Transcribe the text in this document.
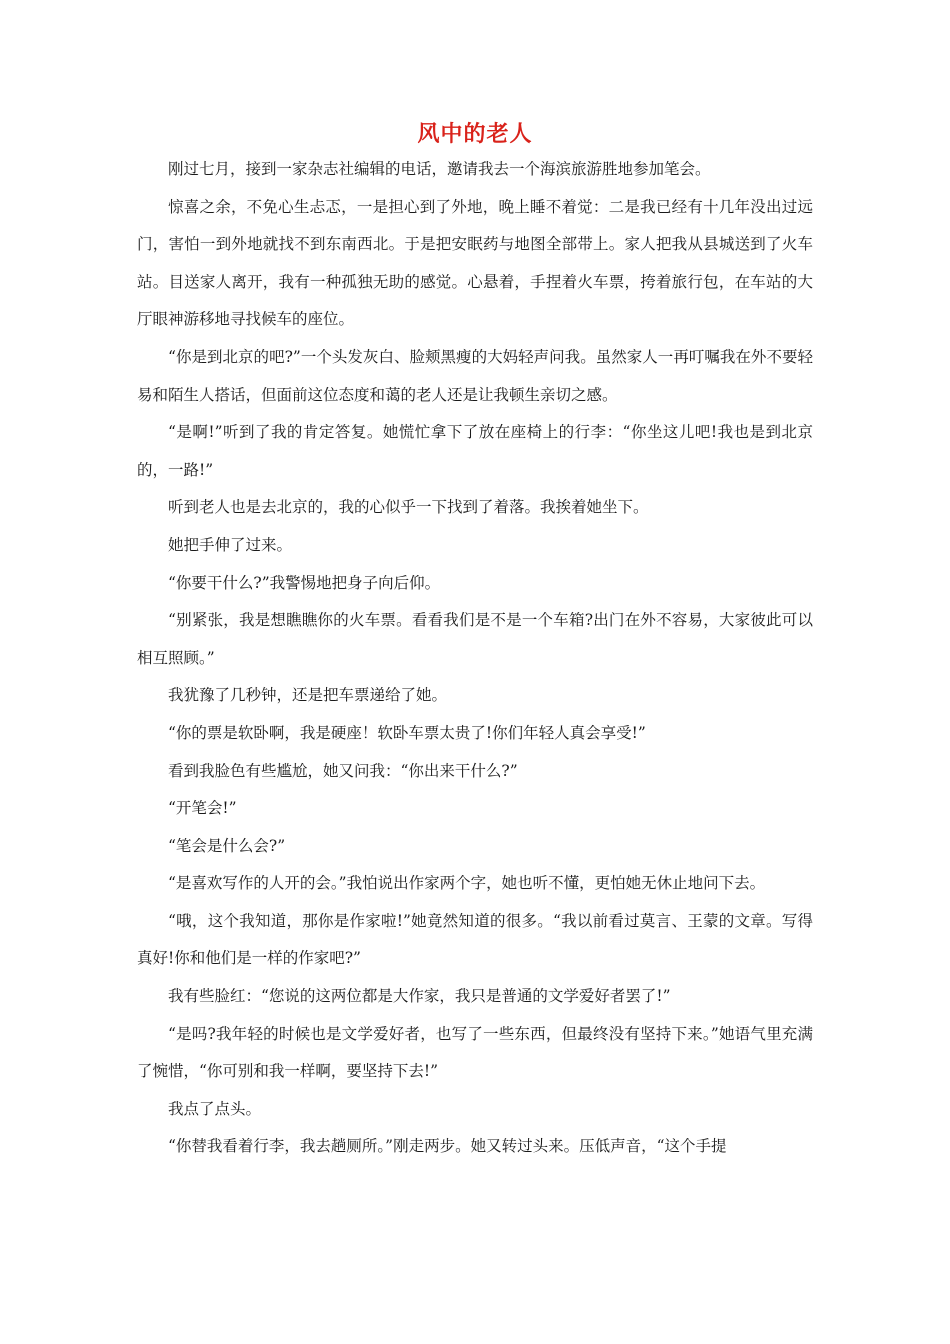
风中的老人

刚过七月，接到一家杂志社编辑的电话，邀请我去一个海滨旅游胜地参加笔会。

惊喜之余，不免心生忐忑，一是担心到了外地，晚上睡不着觉：二是我已经有十几年没出过远门，害怕一到外地就找不到东南西北。于是把安眠药与地图全部带上。家人把我从县城送到了火车站。目送家人离开，我有一种孤独无助的感觉。心悬着，手捏着火车票，挎着旅行包，在车站的大厅眼神游移地寻找候车的座位。

“你是到北京的吧?”一个头发灰白、脸颊黑瘦的大妈轻声问我。虽然家人一再叮嘱我在外不要轻易和陌生人搭话，但面前这位态度和蔼的老人还是让我顿生亲切之感。

“是啊!”听到了我的肯定答复。她慌忙拿下了放在座椅上的行李：“你坐这儿吧!我也是到北京的，一路!”

听到老人也是去北京的，我的心似乎一下找到了着落。我挨着她坐下。

她把手伸了过来。

“你要干什么?”我警惕地把身子向后仰。

“别紧张，我是想瞧瞧你的火车票。看看我们是不是一个车箱?出门在外不容易，大家彼此可以相互照顾。”

我犹豫了几秒钟，还是把车票递给了她。

“你的票是软卧啊，我是硬座！软卧车票太贵了!你们年轻人真会享受!”

看到我脸色有些尴尬，她又问我：“你出来干什么?”

“开笔会!”

“笔会是什么会?”

“是喜欢写作的人开的会。”我怕说出作家两个字，她也听不懂，更怕她无休止地问下去。

“哦，这个我知道，那你是作家啦!”她竟然知道的很多。“我以前看过莫言、王蒙的文章。写得真好!你和他们是一样的作家吧?”

我有些脸红：“您说的这两位都是大作家，我只是普通的文学爱好者罢了!”

“是吗?我年轻的时候也是文学爱好者，也写了一些东西，但最终没有坚持下来。”她语气里充满了惋惜，“你可别和我一样啊，要坚持下去!”

我点了点头。

“你替我看着行李，我去趟厕所。”刚走两步。她又转过头来。压低声音，“这个手提
